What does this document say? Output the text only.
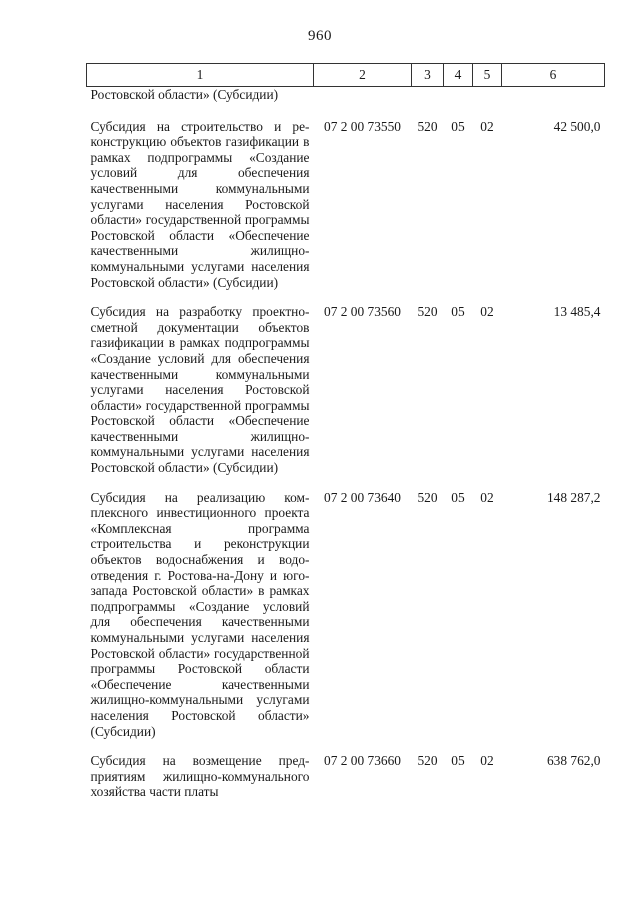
960
1	2	3	4	5	6
Ростовской области» (Субсидии)					
Субсидия на строительство и реконструкцию объектов газификации в рамках подпрограммы «Создание условий для обеспечения качественными коммунальными услугами населения Ростовской области» государственной программы Ростовской области «Обеспечение качественными жилищно-коммунальными услугами населения Ростовской области» (Субсидии)	07 2 00 73550	520	05	02	42 500,0
Субсидия на разработку проектно-сметной документации объектов газификации в рамках подпрограммы «Создание условий для обеспечения качественными коммунальными услугами населения Ростовской области» государственной программы Ростовской области «Обеспечение качественными жилищно-коммунальными услугами населения Ростовской области» (Субсидии)	07 2 00 73560	520	05	02	13 485,4
Субсидия на реализацию комплексного инвестиционного проекта «Комплексная программа строительства и реконструкции объектов водоснабжения и водоотведения г. Ростова-на-Дону и юго-запада Ростовской области» в рамках подпрограммы «Создание условий для обеспечения качественными коммунальными услугами населения Ростовской области» государственной программы Ростовской области «Обеспечение качественными жилищно-коммунальными услугами населения Ростовской области» (Субсидии)	07 2 00 73640	520	05	02	148 287,2
Субсидия на возмещение предприятиям жилищно-коммунального хозяйства части платы	07 2 00 73660	520	05	02	638 762,0
